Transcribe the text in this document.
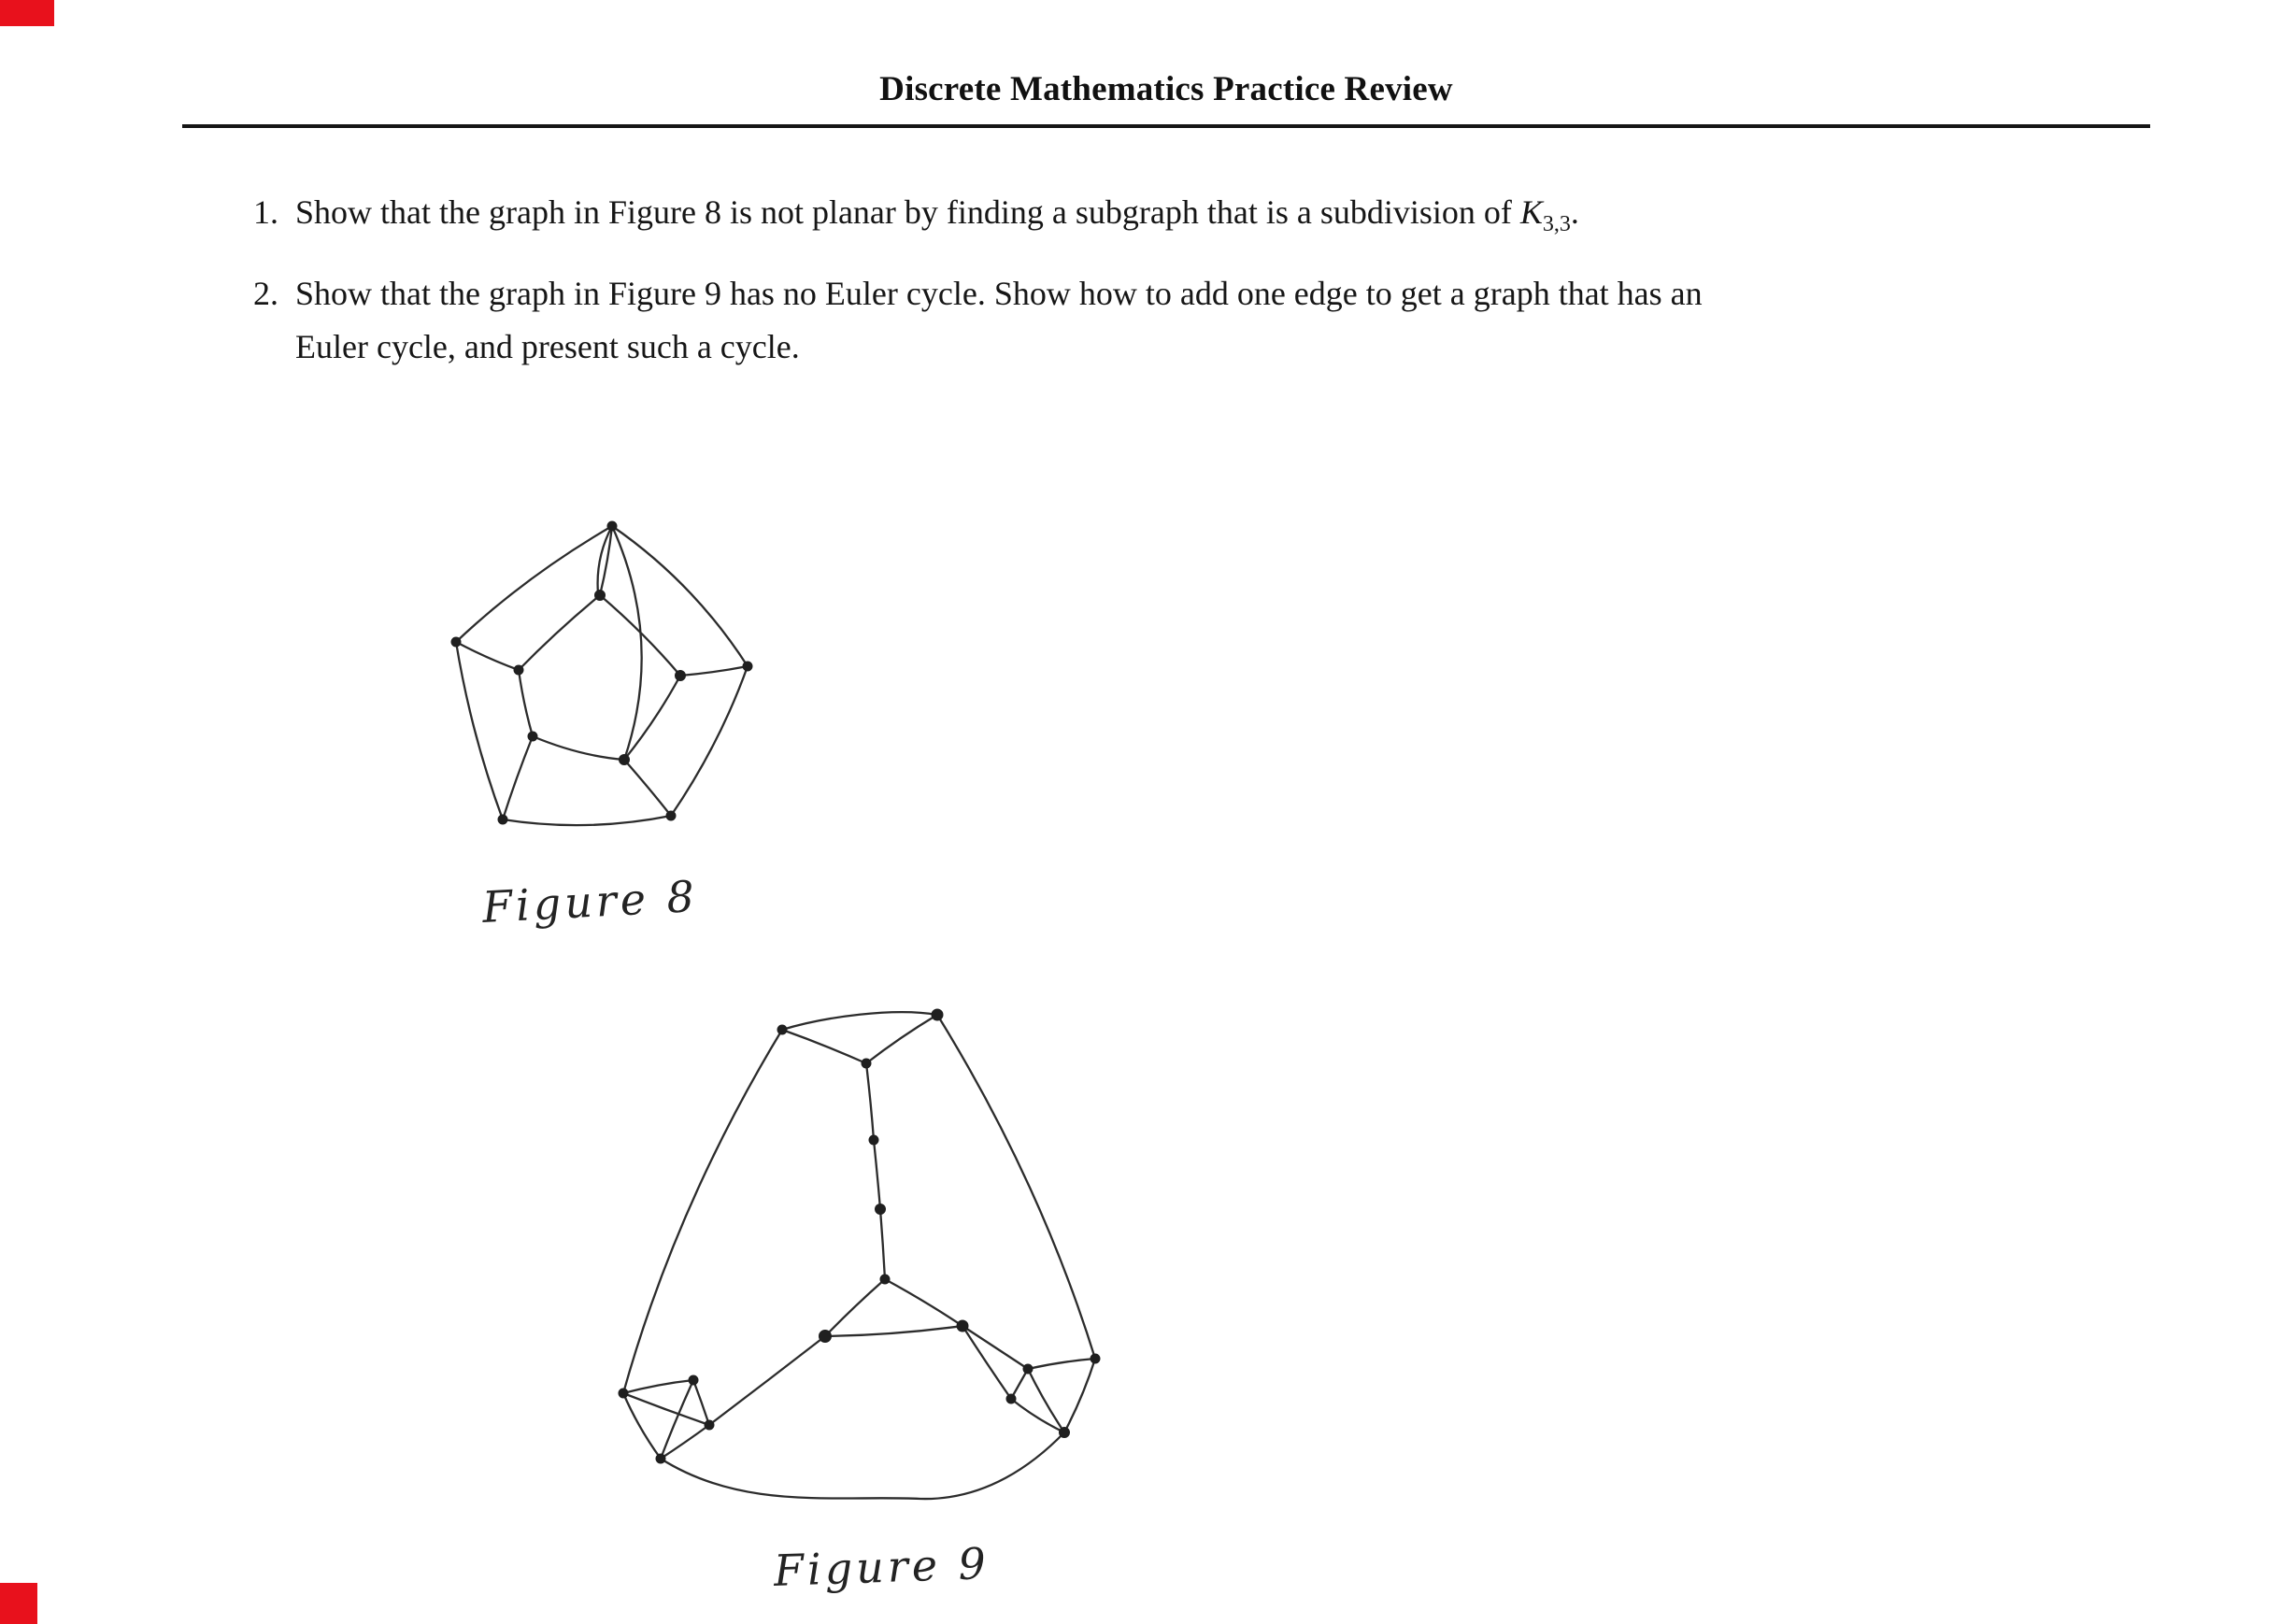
Discrete Mathematics Practice Review
1. Show that the graph in Figure 8 is not planar by finding a subgraph that is a subdivision of $K_{3,3}$.
2. Show that the graph in Figure 9 has no Euler cycle. Show how to add one edge to get a graph that has an
Euler cycle, and present such a cycle.
Figure 8
Figure 9
